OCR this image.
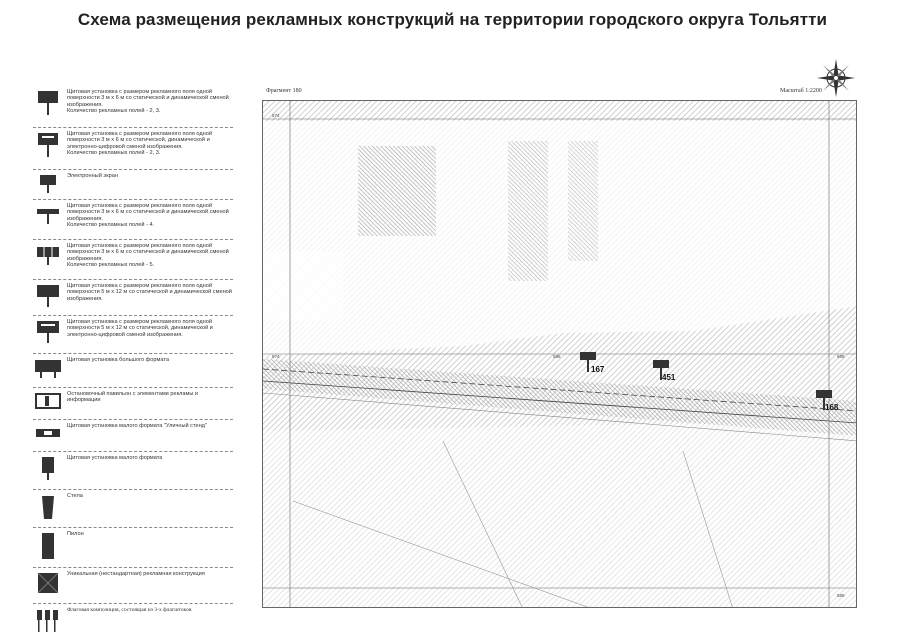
Схема размещения рекламных конструкций на территории городского округа Тольятти
Щитовая установка с размером рекламного поля одной поверхности 3 м х 6 м со статической и динамической сменой изображения.
Количество рекламных полей - 2, 3.
Щитовая установка с размером рекламного поля одной поверхности 3 м х 6 м со статической, динамической и электронно-цифровой сменой изображения.
Количество рекламных полей - 2, 3.
Электронный экран
Щитовая установка с размером рекламного поля одной поверхности 3 м х 6 м со статической и динамической сменой изображения.
Количество рекламных полей - 4.
Щитовая установка с размером рекламного поля одной поверхности 3 м х 6 м со статической и динамической сменой изображения.
Количество рекламных полей - 5.
Щитовая установка с размером рекламного поля одной поверхности 5 м х 12 м со статической и динамической сменой изображения.
Щитовая установка с размером рекламного поля одной поверхности 5 м х 12 м со статической, динамической и электронно-цифровой сменой изображения.
Щитовая установка большого формата
Остановочный павильон с элементами рекламы и информации
Щитовая установка малого формата "Уличный стенд"
Щитовая установка малого формата
Стела
Пилон
Уникальная (нестандартная) рекламная конструкция
Флаговая композиция, состоящая из 3-х флагштоков
Фрагмент 180	Масштаб 1:2200
167
451
168
574
574	585	586
589
